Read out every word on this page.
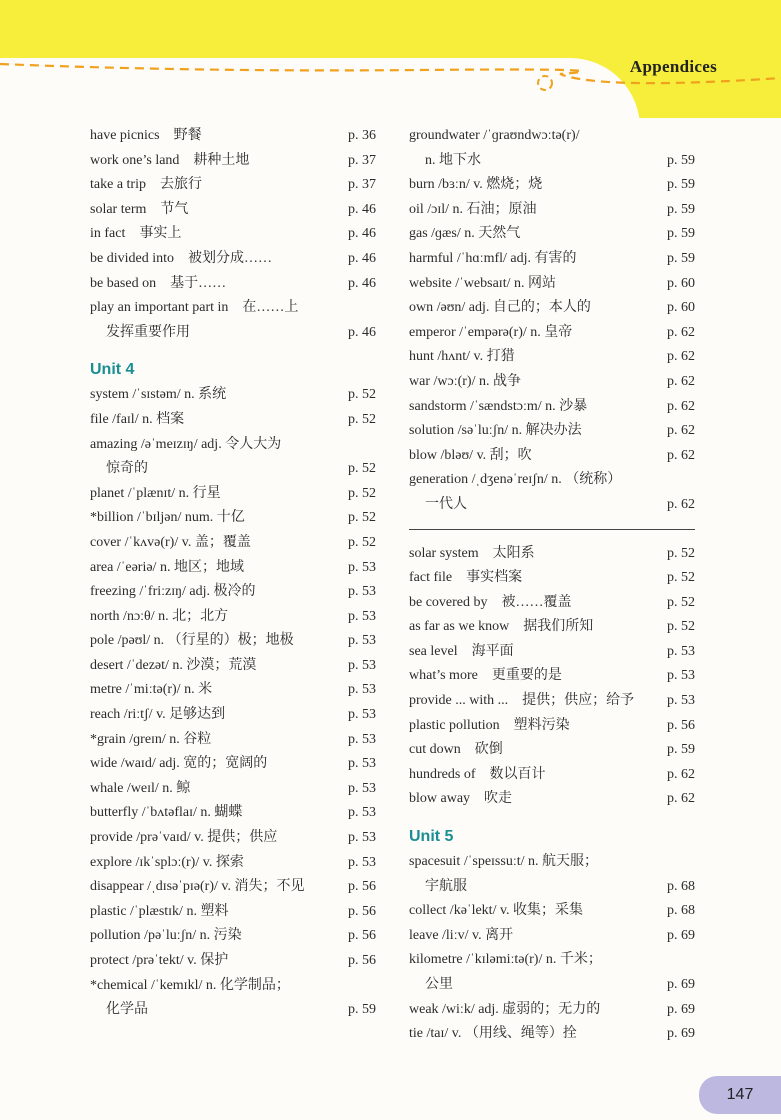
Appendices
have picnics　野餐	p. 36
work one’s land　耕种土地	p. 37
take a trip　去旅行	p. 37
solar term　节气	p. 46
in fact　事实上	p. 46
be divided into　被划分成……	p. 46
be based on　基于……	p. 46
play an important part in　在……上
发挥重要作用	p. 46
Unit 4
system /ˈsɪstəm/ n. 系统	p. 52
file /faɪl/ n. 档案	p. 52
amazing /əˈmeɪzɪŋ/ adj. 令人大为
惊奇的	p. 52
planet /ˈplænɪt/ n. 行星	p. 52
*billion /ˈbɪljən/ num. 十亿	p. 52
cover /ˈkʌvə(r)/ v. 盖；覆盖	p. 52
area /ˈeəriə/ n. 地区；地域	p. 53
freezing /ˈfriːzɪŋ/ adj. 极冷的	p. 53
north /nɔːθ/ n. 北；北方	p. 53
pole /pəʊl/ n. （行星的）极；地极	p. 53
desert /ˈdezət/ n. 沙漠；荒漠	p. 53
metre /ˈmiːtə(r)/ n. 米	p. 53
reach /riːtʃ/ v. 足够达到	p. 53
*grain /ɡreɪn/ n. 谷粒	p. 53
wide /waɪd/ adj. 宽的；宽阔的	p. 53
whale /weɪl/ n. 鲸	p. 53
butterfly /ˈbʌtəflaɪ/ n. 蝴蝶	p. 53
provide /prəˈvaɪd/ v. 提供；供应	p. 53
explore /ɪkˈsplɔː(r)/ v. 探索	p. 53
disappear /ˌdɪsəˈpɪə(r)/ v. 消失；不见	p. 56
plastic /ˈplæstɪk/ n. 塑料	p. 56
pollution /pəˈluːʃn/ n. 污染	p. 56
protect /prəˈtekt/ v. 保护	p. 56
*chemical /ˈkemɪkl/ n. 化学制品；
化学品	p. 59
groundwater /ˈɡraʊndwɔːtə(r)/
n. 地下水	p. 59
burn /bɜːn/ v. 燃烧；烧	p. 59
oil /ɔɪl/ n. 石油；原油	p. 59
gas /ɡæs/ n. 天然气	p. 59
harmful /ˈhɑːmfl/ adj. 有害的	p. 59
website /ˈwebsaɪt/ n. 网站	p. 60
own /əʊn/ adj. 自己的；本人的	p. 60
emperor /ˈempərə(r)/ n. 皇帝	p. 62
hunt /hʌnt/ v. 打猎	p. 62
war /wɔː(r)/ n. 战争	p. 62
sandstorm /ˈsændstɔːm/ n. 沙暴	p. 62
solution /səˈluːʃn/ n. 解决办法	p. 62
blow /bləʊ/ v. 刮；吹	p. 62
generation /ˌdʒenəˈreɪʃn/ n. （统称）
一代人	p. 62
solar system　太阳系	p. 52
fact file　事实档案	p. 52
be covered by　被……覆盖	p. 52
as far as we know　据我们所知	p. 52
sea level　海平面	p. 53
what’s more　更重要的是	p. 53
provide ... with ...　提供；供应；给予	p. 53
plastic pollution　塑料污染	p. 56
cut down　砍倒	p. 59
hundreds of　数以百计	p. 62
blow away　吹走	p. 62
Unit 5
spacesuit /ˈspeɪssuːt/ n. 航天服；
宇航服	p. 68
collect /kəˈlekt/ v. 收集；采集	p. 68
leave /liːv/ v. 离开	p. 69
kilometre /ˈkɪləmiːtə(r)/ n. 千米；
公里	p. 69
weak /wiːk/ adj. 虚弱的；无力的	p. 69
tie /taɪ/ v. （用线、绳等）拴	p. 69
147
